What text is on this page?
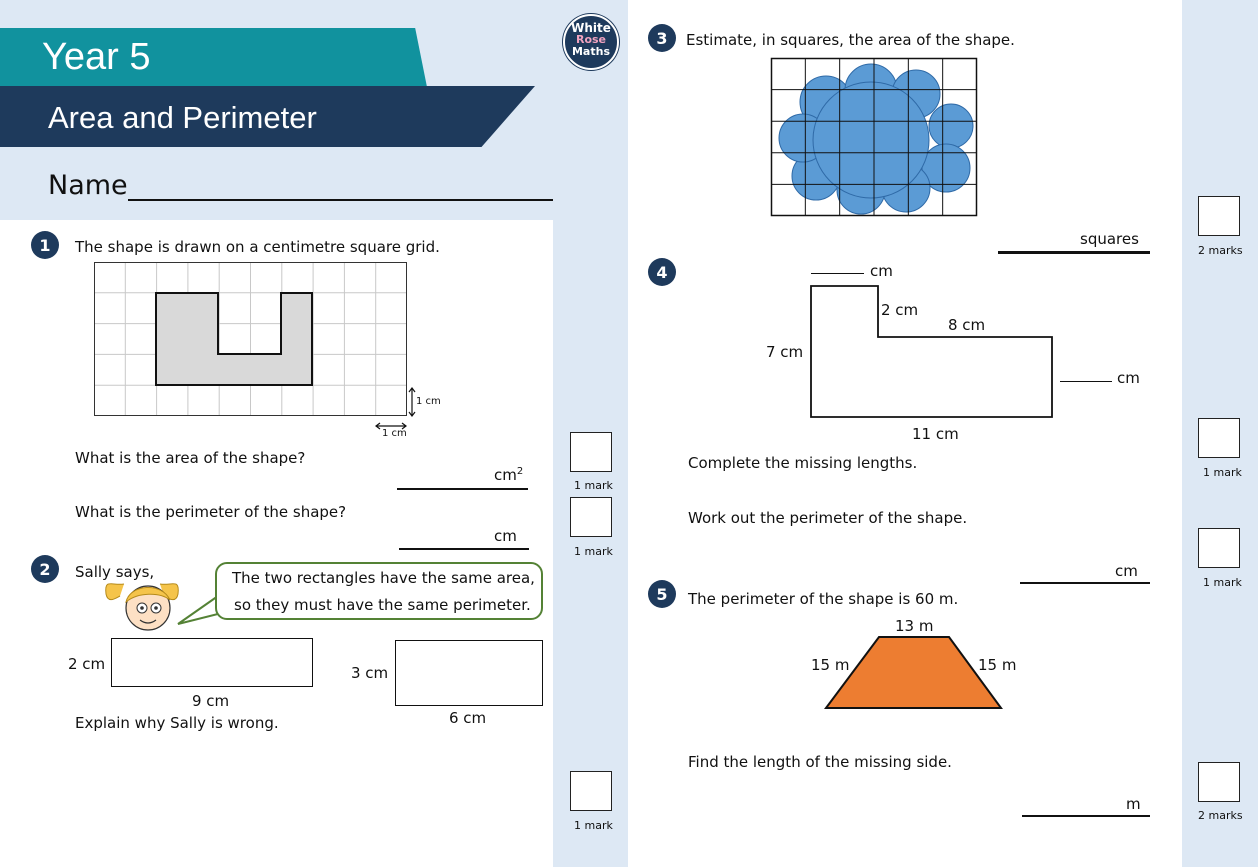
Year 5
Area and Perimeter
Name
White
Rose
Maths
1	The shape is drawn on a centimetre square grid.
1 cm
1 cm
What is the area of the shape?
$cm^2$
What is the perimeter of the shape?
cm
1 mark
1 mark
2	Sally says,	The two rectangles have the same area,
so they must have the same perimeter.
2 cm
9 cm
3 cm
6 cm
Explain why Sally is wrong.
1 mark
3	Estimate, in squares, the area of the shape.
squares
2 marks
4	cm
2 cm
8 cm
7 cm
cm
11 cm
Complete the missing lengths.
Work out the perimeter of the shape.
cm
1 mark
1 mark
5	The perimeter of the shape is 60 m.
13 m
15 m	15 m
Find the length of the missing side.
m
2 marks
